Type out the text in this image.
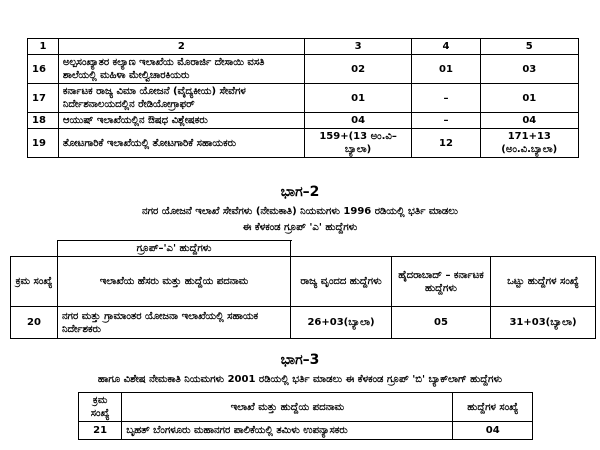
1	2	3	4	5
16	ಅಲ್ಪಸಂಖ್ಯಾತರ ಕಲ್ಯಾಣ ಇಲಾಖೆಯ ಮೊರಾರ್ಜಿ ದೇಸಾಯಿ ವಸತಿ ಶಾಲೆಯಲ್ಲಿ ಮಹಿಳಾ ಮೇಲ್ವಿಚಾರಕಿಯರು	02	01	03
17	ಕರ್ನಾಟಕ ರಾಜ್ಯ ವಿಮಾ ಯೋಜನೆ (ವೈದ್ಯಕೀಯ) ಸೇವೆಗಳ ನಿರ್ದೇಶನಾಲಯದಲ್ಲಿನ ರೇಡಿಯೋಗ್ರಾಫರ್	01	–	01
18	ಆಯುಷ್ ಇಲಾಖೆಯಲ್ಲಿನ ಔಷಧ ವಿಶ್ಲೇಷಕರು	04	–	04
19	ತೋಟಗಾರಿಕೆ ಇಲಾಖೆಯಲ್ಲಿ ತೋಟಗಾರಿಕೆ ಸಹಾಯಕರು	159+(13 ಅಂ.ವಿ– ಬ್ಯಾಲಾ)	12	171+13 (ಅಂ.ವಿ.ಬ್ಯಾಲಾ)
ಭಾಗ–2
ನಗರ ಯೋಜನೆ ಇಲಾಖೆ ಸೇವೆಗಳು (ನೇಮಕಾತಿ) ನಿಯಮಗಳು 1996 ರಡಿಯಲ್ಲಿ ಭರ್ತಿ ಮಾಡಲು
ಈ ಕೆಳಕಂಡ ಗ್ರೂಪ್ 'ಎ' ಹುದ್ದೆಗಳು
	ಗ್ರೂಪ್–'ಎ' ಹುದ್ದೆಗಳು			
ಕ್ರಮ ಸಂಖ್ಯೆ	ಇಲಾಖೆಯ ಹೆಸರು ಮತ್ತು ಹುದ್ದೆಯ ಪದನಾಮ	ರಾಜ್ಯ ವೃಂದದ ಹುದ್ದೆಗಳು	ಹೈದರಾಬಾದ್ – ಕರ್ನಾಟಕ ಹುದ್ದೆಗಳು	ಒಟ್ಟು ಹುದ್ದೆಗಳ ಸಂಖ್ಯೆ
20	ನಗರ ಮತ್ತು ಗ್ರಾಮಾಂತರ ಯೋಜನಾ ಇಲಾಖೆಯಲ್ಲಿ ಸಹಾಯಕ ನಿರ್ದೇಶಕರು	26+03(ಬ್ಯಾಲಾ)	05	31+03(ಬ್ಯಾಲಾ)
ಭಾಗ–3
ಹಾಗೂ ವಿಶೇಷ ನೇಮಕಾತಿ ನಿಯಮಗಳು 2001 ರಡಿಯಲ್ಲಿ ಭರ್ತಿ ಮಾಡಲು ಈ ಕೆಳಕಂಡ ಗ್ರೂಪ್ 'ಬಿ' ಬ್ಯಾಕ್‌ಲಾಗ್ ಹುದ್ದೆಗಳು
ಕ್ರಮ ಸಂಖ್ಯೆ	ಇಲಾಖೆ ಮತ್ತು ಹುದ್ದೆಯ ಪದನಾಮ	ಹುದ್ದೆಗಳ ಸಂಖ್ಯೆ
21	ಬೃಹತ್ ಬೆಂಗಳೂರು ಮಹಾನಗರ ಪಾಲಿಕೆಯಲ್ಲಿ ತಮಿಳು ಉಪನ್ಯಾಸಕರು	04
